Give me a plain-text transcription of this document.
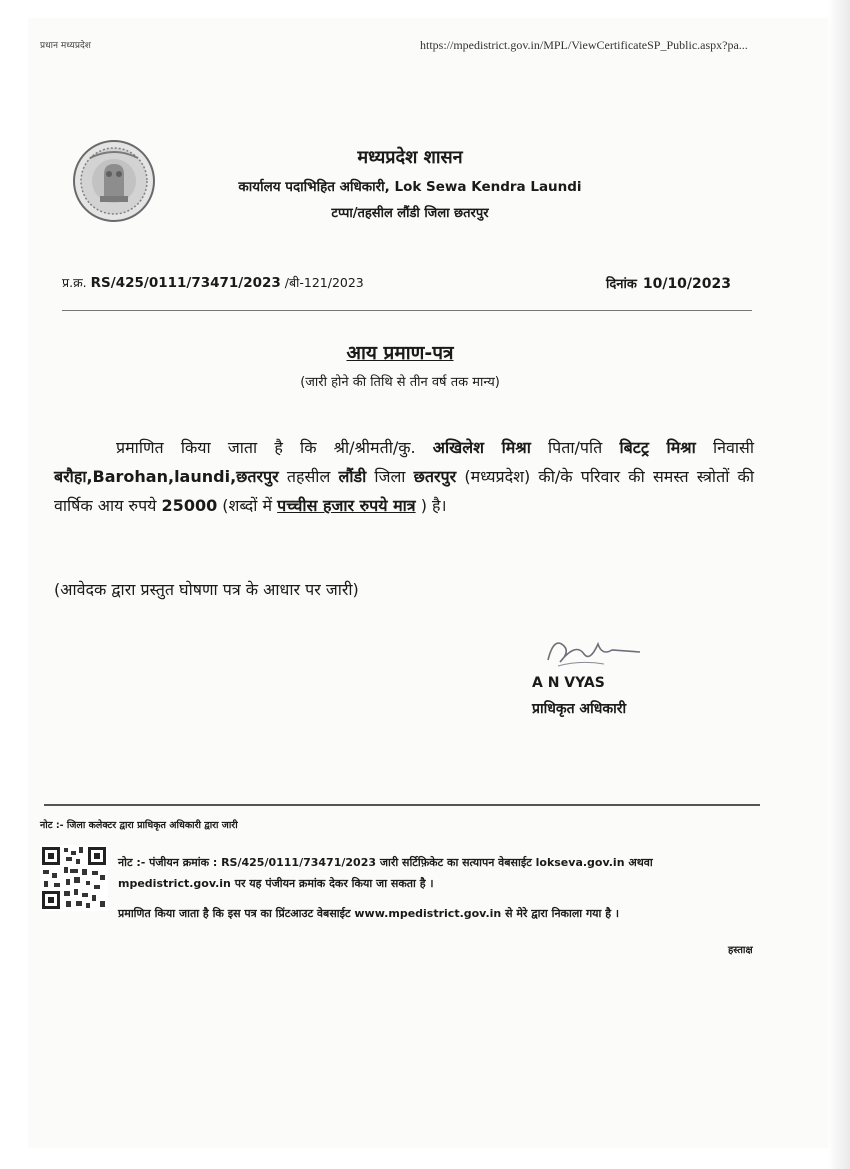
प्रधान मध्यप्रदेश	https://mpedistrict.gov.in/MPL/ViewCertificateSP_Public.aspx?pa...
मध्यप्रदेश शासन
कार्यालय पदाभिहित अधिकारी, Lok Sewa Kendra Laundi
टप्पा/तहसील लौंडी जिला छतरपुर
प्र.क्र. RS/425/0111/73471/2023 /बी-121/2023	दिनांक 10/10/2023
आय प्रमाण-पत्र
(जारी होने की तिथि से तीन वर्ष तक मान्य)

प्रमाणित किया जाता है कि श्री/श्रीमती/कु. अखिलेश मिश्रा पिता/पति बिटट्र मिश्रा निवासी बरौहा,Barohan,laundi,छतरपुर तहसील लौंडी जिला छतरपुर (मध्यप्रदेश) की/के परिवार की समस्त स्त्रोतों की वार्षिक आय रुपये 25000 (शब्दों में पच्चीस हजार रुपये मात्र ) है।

(आवेदक द्वारा प्रस्तुत घोषणा पत्र के आधार पर जारी)
A N VYAS
प्राधिकृत अधिकारी
नोट :- जिला कलेक्टर द्वारा प्राधिकृत अधिकारी द्वारा जारी
नोट :- पंजीयन क्रमांक : RS/425/0111/73471/2023 जारी सर्टिफ़िकेट का सत्यापन वेबसाईट lokseva.gov.in अथवा
mpedistrict.gov.in पर यह पंजीयन क्रमांक देकर किया जा सकता है ।
प्रमाणित किया जाता है कि इस पत्र का प्रिंटआउट वेबसाईट www.mpedistrict.gov.in से मेरे द्वारा निकाला गया है ।
हस्ताक्ष
